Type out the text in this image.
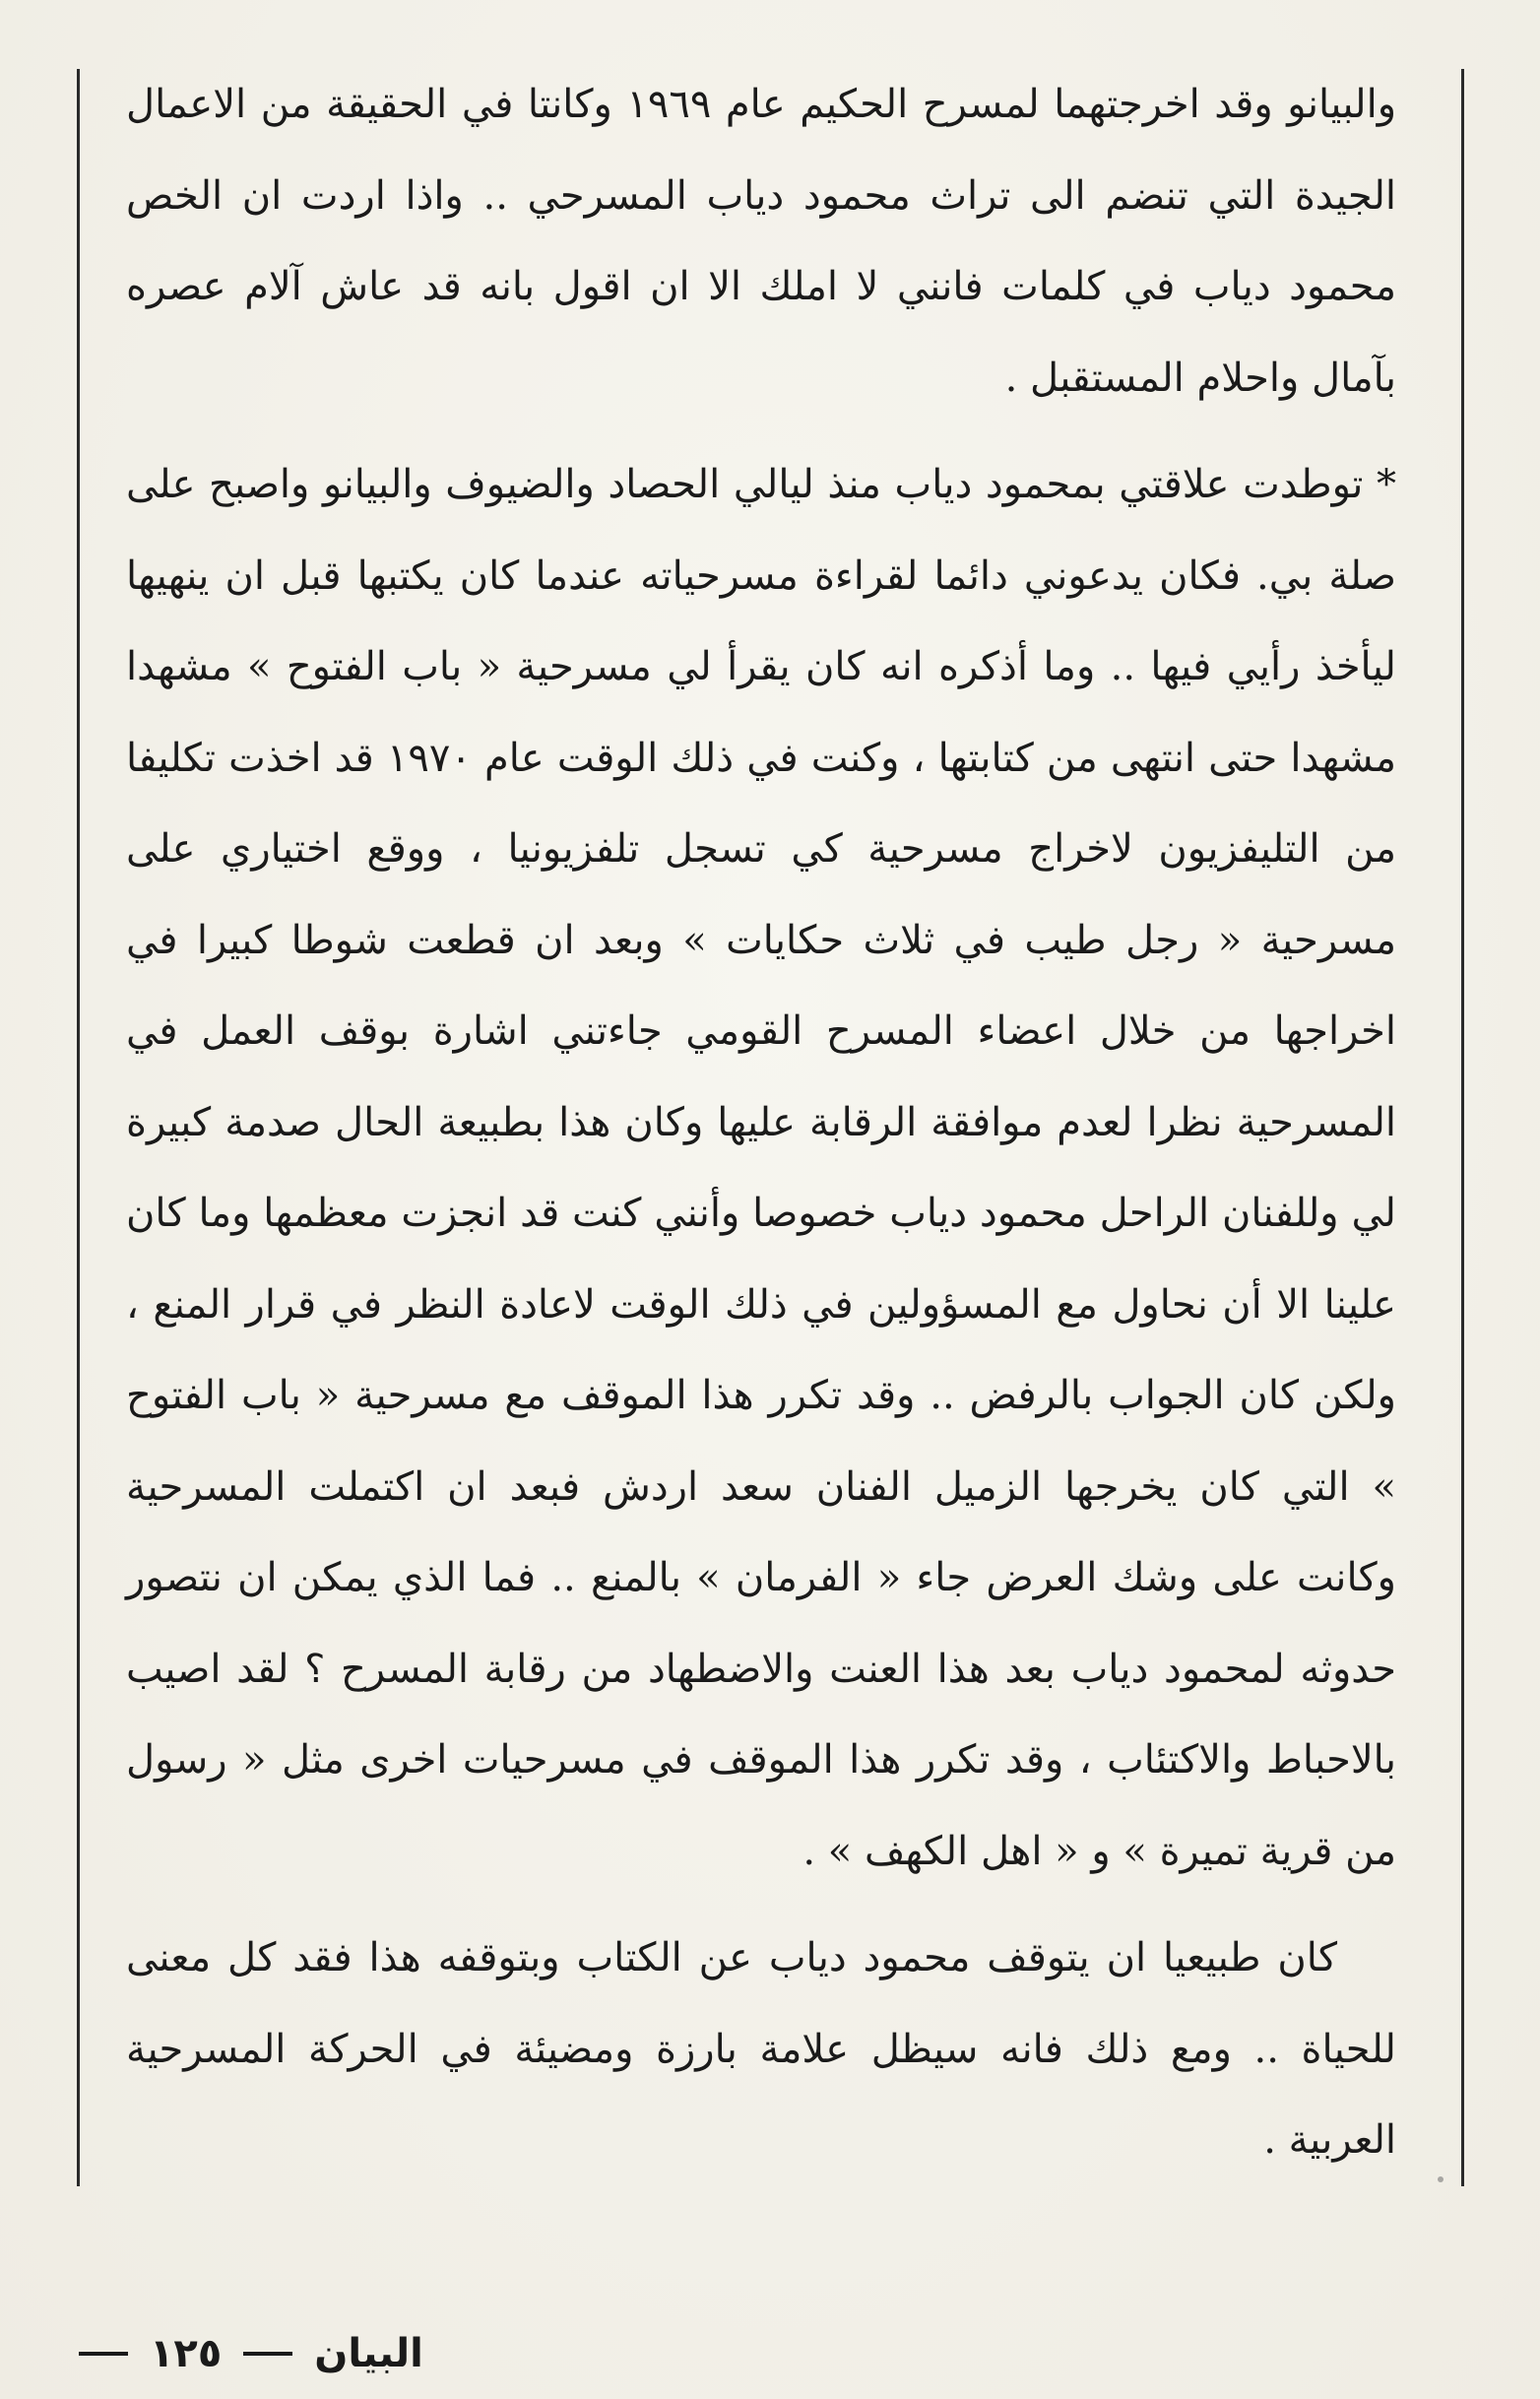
والبيانو وقد اخرجتهما لمسرح الحكيم عام ١٩٦٩ وكانتا في الحقيقة من الاعمال الجيدة التي تنضم الى تراث محمود دياب المسرحي .. واذا اردت ان الخص محمود دياب في كلمات فانني لا املك الا ان اقول بانه قد عاش آلام عصره بآمال واحلام المستقبل .

* توطدت علاقتي بمحمود دياب منذ ليالي الحصاد والضيوف والبيانو واصبح على صلة بي. فكان يدعوني دائما لقراءة مسرحياته عندما كان يكتبها قبل ان ينهيها ليأخذ رأيي فيها .. وما أذكره انه كان يقرأ لي مسرحية « باب الفتوح » مشهدا مشهدا حتى انتهى من كتابتها ، وكنت في ذلك الوقت عام ١٩٧٠ قد اخذت تكليفا من التليفزيون لاخراج مسرحية كي تسجل تلفزيونيا ، ووقع اختياري على مسرحية « رجل طيب في ثلاث حكايات » وبعد ان قطعت شوطا كبيرا في اخراجها من خلال اعضاء المسرح القومي جاءتني اشارة بوقف العمل في المسرحية نظرا لعدم موافقة الرقابة عليها وكان هذا بطبيعة الحال صدمة كبيرة لي وللفنان الراحل محمود دياب خصوصا وأنني كنت قد انجزت معظمها وما كان علينا الا أن نحاول مع المسؤولين في ذلك الوقت لاعادة النظر في قرار المنع ، ولكن كان الجواب بالرفض .. وقد تكرر هذا الموقف مع مسرحية « باب الفتوح » التي كان يخرجها الزميل الفنان سعد اردش فبعد ان اكتملت المسرحية وكانت على وشك العرض جاء « الفرمان » بالمنع .. فما الذي يمكن ان نتصور حدوثه لمحمود دياب بعد هذا العنت والاضطهاد من رقابة المسرح ؟ لقد اصيب بالاحباط والاكتئاب ، وقد تكرر هذا الموقف في مسرحيات اخرى مثل « رسول من قرية تميرة » و « اهل الكهف » .

كان طبيعيا ان يتوقف محمود دياب عن الكتاب وبتوقفه هذا فقد كل معنى للحياة .. ومع ذلك فانه سيظل علامة بارزة ومضيئة في الحركة المسرحية العربية .

البيان
١٢٥
